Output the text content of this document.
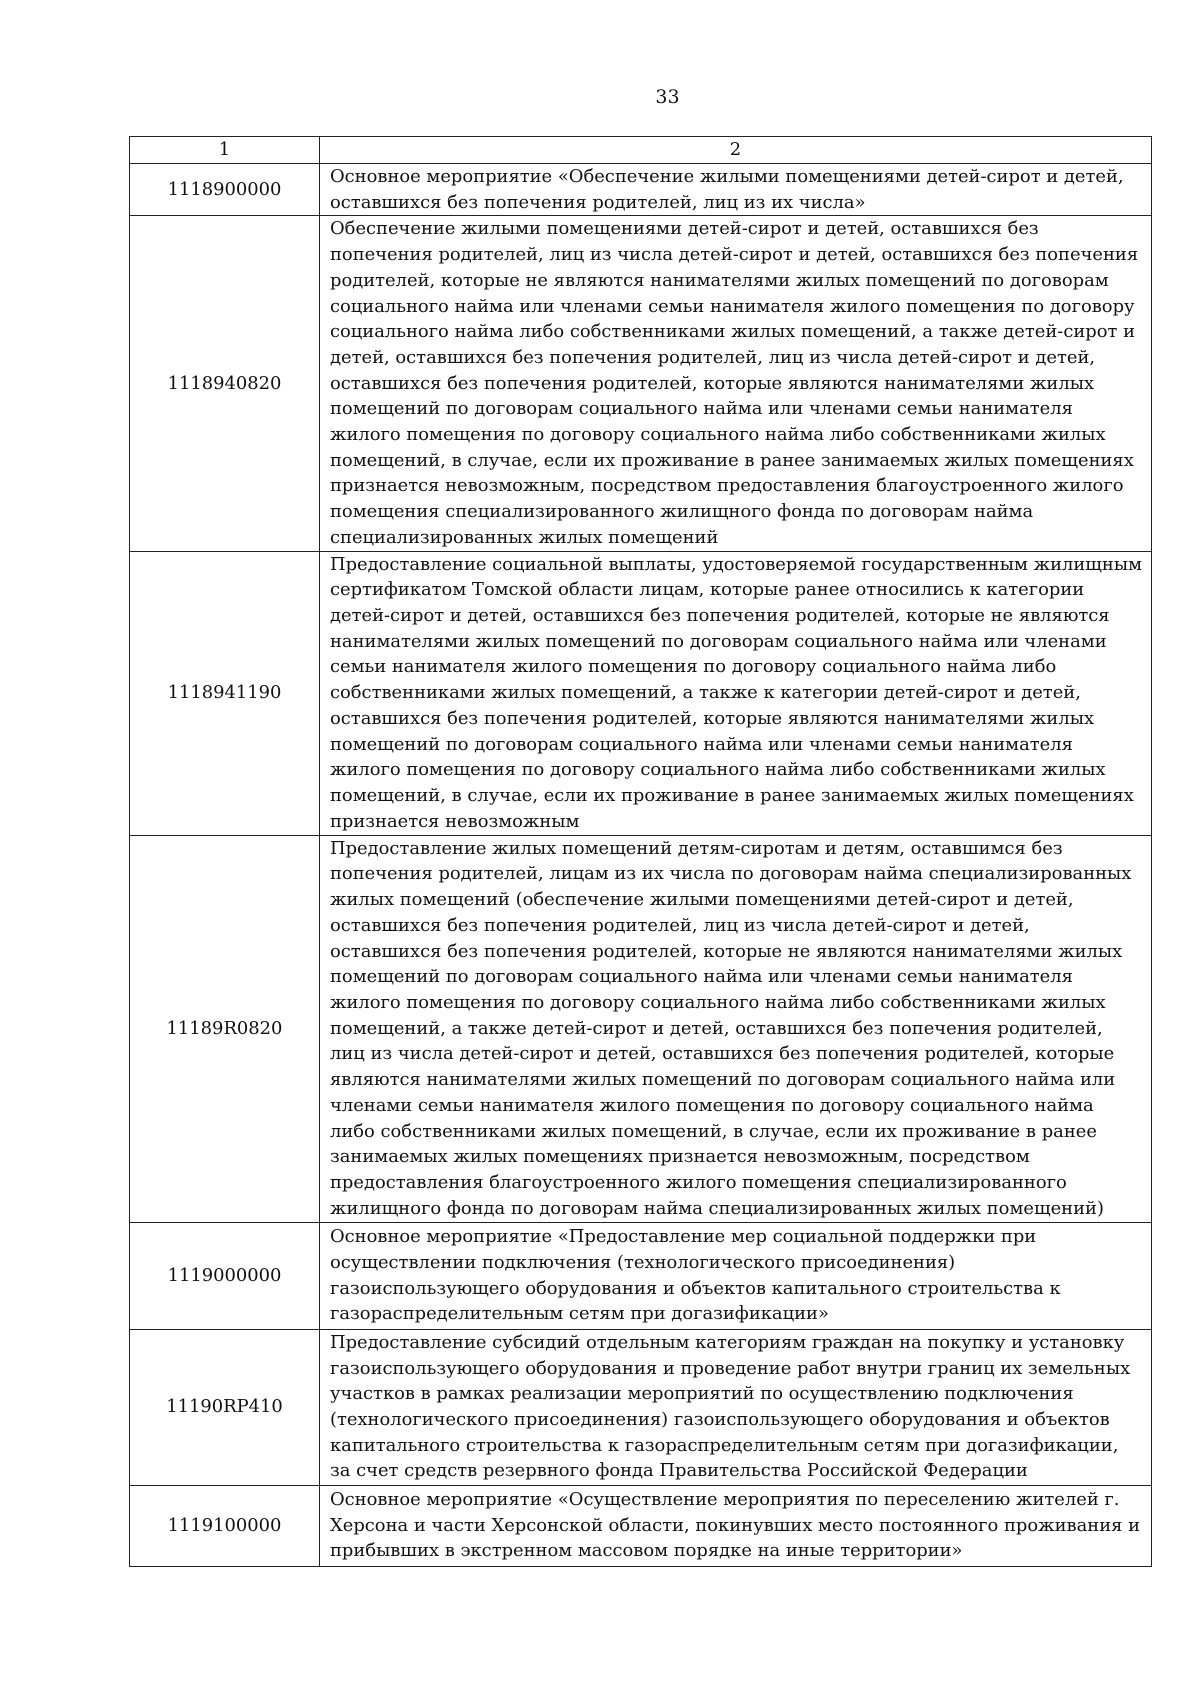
33
1	2
1118900000	Основное мероприятие «Обеспечение жилыми помещениями детей-сирот и детей, оставшихся без попечения родителей, лиц из их числа»
1118940820	Обеспечение жилыми помещениями детей-сирот и детей, оставшихся без попечения родителей, лиц из числа детей-сирот и детей, оставшихся без попечения родителей, которые не являются нанимателями жилых помещений по договорам социального найма или членами семьи нанимателя жилого помещения по договору социального найма либо собственниками жилых помещений, а также детей-сирот и детей, оставшихся без попечения родителей, лиц из числа детей-сирот и детей, оставшихся без попечения родителей, которые являются нанимателями жилых помещений по договорам социального найма или членами семьи нанимателя жилого помещения по договору социального найма либо собственниками жилых помещений, в случае, если их проживание в ранее занимаемых жилых помещениях признается невозможным, посредством предоставления благоустроенного жилого помещения специализированного жилищного фонда по договорам найма специализированных жилых помещений
1118941190	Предоставление социальной выплаты, удостоверяемой государственным жилищным сертификатом Томской области лицам, которые ранее относились к категории детей-сирот и детей, оставшихся без попечения родителей, которые не являются нанимателями жилых помещений по договорам социального найма или членами семьи нанимателя жилого помещения по договору социального найма либо собственниками жилых помещений, а также к категории детей-сирот и детей, оставшихся без попечения родителей, которые являются нанимателями жилых помещений по договорам социального найма или членами семьи нанимателя жилого помещения по договору социального найма либо собственниками жилых помещений, в случае, если их проживание в ранее занимаемых жилых помещениях признается невозможным
11189R0820	Предоставление жилых помещений детям-сиротам и детям, оставшимся без попечения родителей, лицам из их числа по договорам найма специализированных жилых помещений (обеспечение жилыми помещениями детей-сирот и детей, оставшихся без попечения родителей, лиц из числа детей-сирот и детей, оставшихся без попечения родителей, которые не являются нанимателями жилых помещений по договорам социального найма или членами семьи нанимателя жилого помещения по договору социального найма либо собственниками жилых помещений, а также детей-сирот и детей, оставшихся без попечения родителей, лиц из числа детей-сирот и детей, оставшихся без попечения родителей, которые являются нанимателями жилых помещений по договорам социального найма или членами семьи нанимателя жилого помещения по договору социального найма либо собственниками жилых помещений, в случае, если их проживание в ранее занимаемых жилых помещениях признается невозможным, посредством предоставления благоустроенного жилого помещения специализированного жилищного фонда по договорам найма специализированных жилых помещений)
1119000000	Основное мероприятие «Предоставление мер социальной поддержки при осуществлении подключения (технологического присоединения) газоиспользующего оборудования и объектов капитального строительства к газораспределительным сетям при догазификации»
11190RP410	Предоставление субсидий отдельным категориям граждан на покупку и установку газоиспользующего оборудования и проведение работ внутри границ их земельных участков в рамках реализации мероприятий по осуществлению подключения (технологического присоединения) газоиспользующего оборудования и объектов капитального строительства к газораспределительным сетям при догазификации, за счет средств резервного фонда Правительства Российской Федерации
1119100000	Основное мероприятие «Осуществление мероприятия по переселению жителей г. Херсона и части Херсонской области, покинувших место постоянного проживания и прибывших в экстренном массовом порядке на иные территории»
